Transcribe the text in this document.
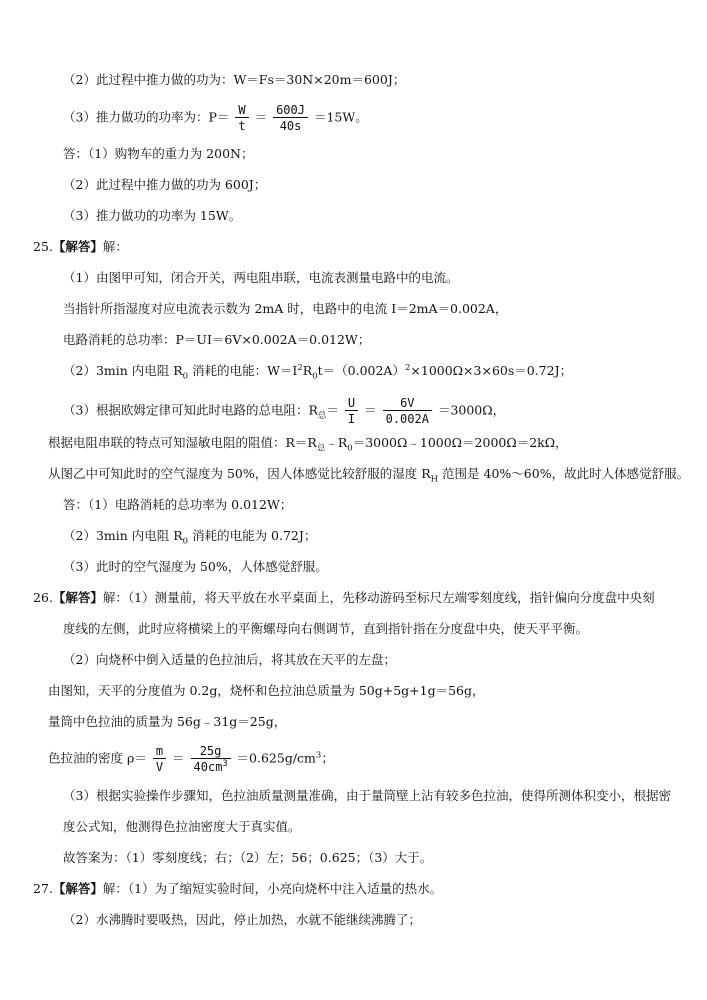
（2）此过程中推力做的功为：W＝Fs＝30N×20m＝600J；
（3）推力做功的功率为：$P= \frac{W}{t} = \frac{600J}{40s} =15W$。
答：（1）购物车的重力为 200N；
（2）此过程中推力做的功为 600J；
（3）推力做功的功率为 15W。
25.【解答】解：
（1）由图甲可知，闭合开关，两电阻串联，电流表测量电路中的电流。
当指针所指湿度对应电流表示数为 2mA 时，电路中的电流 I＝2mA＝0.002A，
电路消耗的总功率：P＝UI＝6V×0.002A＝0.012W；
（2）3min 内电阻 $R_0$ 消耗的电能：$W=I^2R_0t=(0.002A)^2\times 1000\Omega\times 3\times 60s=0.72J$；
（3）根据欧姆定律可知此时电路的总电阻：$R_总= \frac{U}{I} = \frac{6V}{0.002A} =3000\Omega$，
根据电阻串联的特点可知湿敏电阻的阻值：$R=R_总﹣R_0=3000\Omega﹣1000\Omega=2000\Omega=2k\Omega$，
从图乙中可知此时的空气湿度为 50%，因人体感觉比较舒服的湿度 $R_H$ 范围是 40%～60%，故此时人体感觉舒服。
答：（1）电路消耗的总功率为 0.012W；
（2）3min 内电阻 $R_0$ 消耗的电能为 0.72J；
（3）此时的空气湿度为 50%，人体感觉舒服。
26.【解答】解：（1）测量前，将天平放在水平桌面上，先移动游码至标尺左端零刻度线，指针偏向分度盘中央刻
度线的左侧，此时应将横梁上的平衡螺母向右侧调节，直到指针指在分度盘中央，使天平平衡。
（2）向烧杯中倒入适量的色拉油后，将其放在天平的左盘；
由图知，天平的分度值为 0.2g，烧杯和色拉油总质量为 50g+5g+1g＝56g，
量筒中色拉油的质量为 56g﹣31g＝25g，
色拉油的密度 $\rho= \frac{m}{V} = \frac{25g}{40cm^3} =0.625g/cm^3$；
（3）根据实验操作步骤知，色拉油质量测量准确，由于量筒壁上沾有较多色拉油，使得所测体积变小，根据密
度公式知，他测得色拉油密度大于真实值。
故答案为：（1）零刻度线；右；（2）左；56；0.625；（3）大于。
27.【解答】解：（1）为了缩短实验时间，小亮向烧杯中注入适量的热水。
（2）水沸腾时要吸热，因此，停止加热，水就不能继续沸腾了；
